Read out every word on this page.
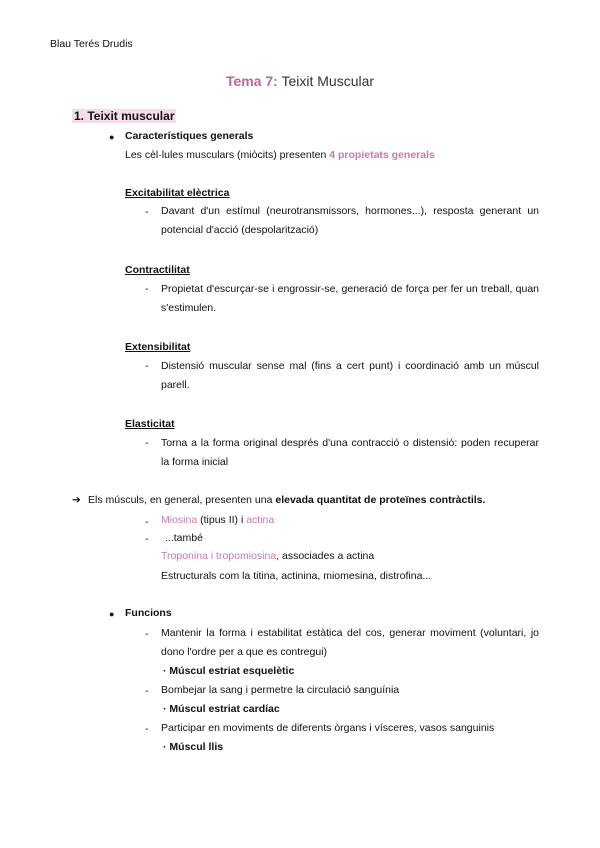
Blau Terés Drudis
Tema 7: Teixit Muscular
1. Teixit muscular
● Característiques generals
Les cèl·lules musculars (miòcits) presenten 4 propietats generals
Excitabilitat elèctrica
- Davant d'un estímul (neurotransmissors, hormones...), resposta generant un potencial d'acció (despolarització)
Contractilitat
- Propietat d'escurçar-se i engrossir-se, generació de força per fer un treball, quan s'estimulen.
Extensibilitat
- Distensió muscular sense mal (fins a cert punt) i coordinació amb un múscul parell.
Elasticitat
- Torna a la forma original després d'una contracció o distensió: poden recuperar la forma inicial
➔ Els músculs, en general, presenten una elevada quantitat de proteïnes contràctils.
- Miosina (tipus II) i actina
- ...també
Troponina i tropomiosina, associades a actina
Estructurals com la titina, actinina, miomesina, distrofina...
● Funcions
- Mantenir la forma i estabilitat estàtica del cos, generar moviment (voluntari, jo dono l'ordre per a que es contregui)
· Múscul estriat esquelètic
- Bombejar la sang i permetre la circulació sanguínia
· Múscul estriat cardíac
- Participar en moviments de diferents òrgans i vísceres, vasos sanguinis
· Múscul llis
